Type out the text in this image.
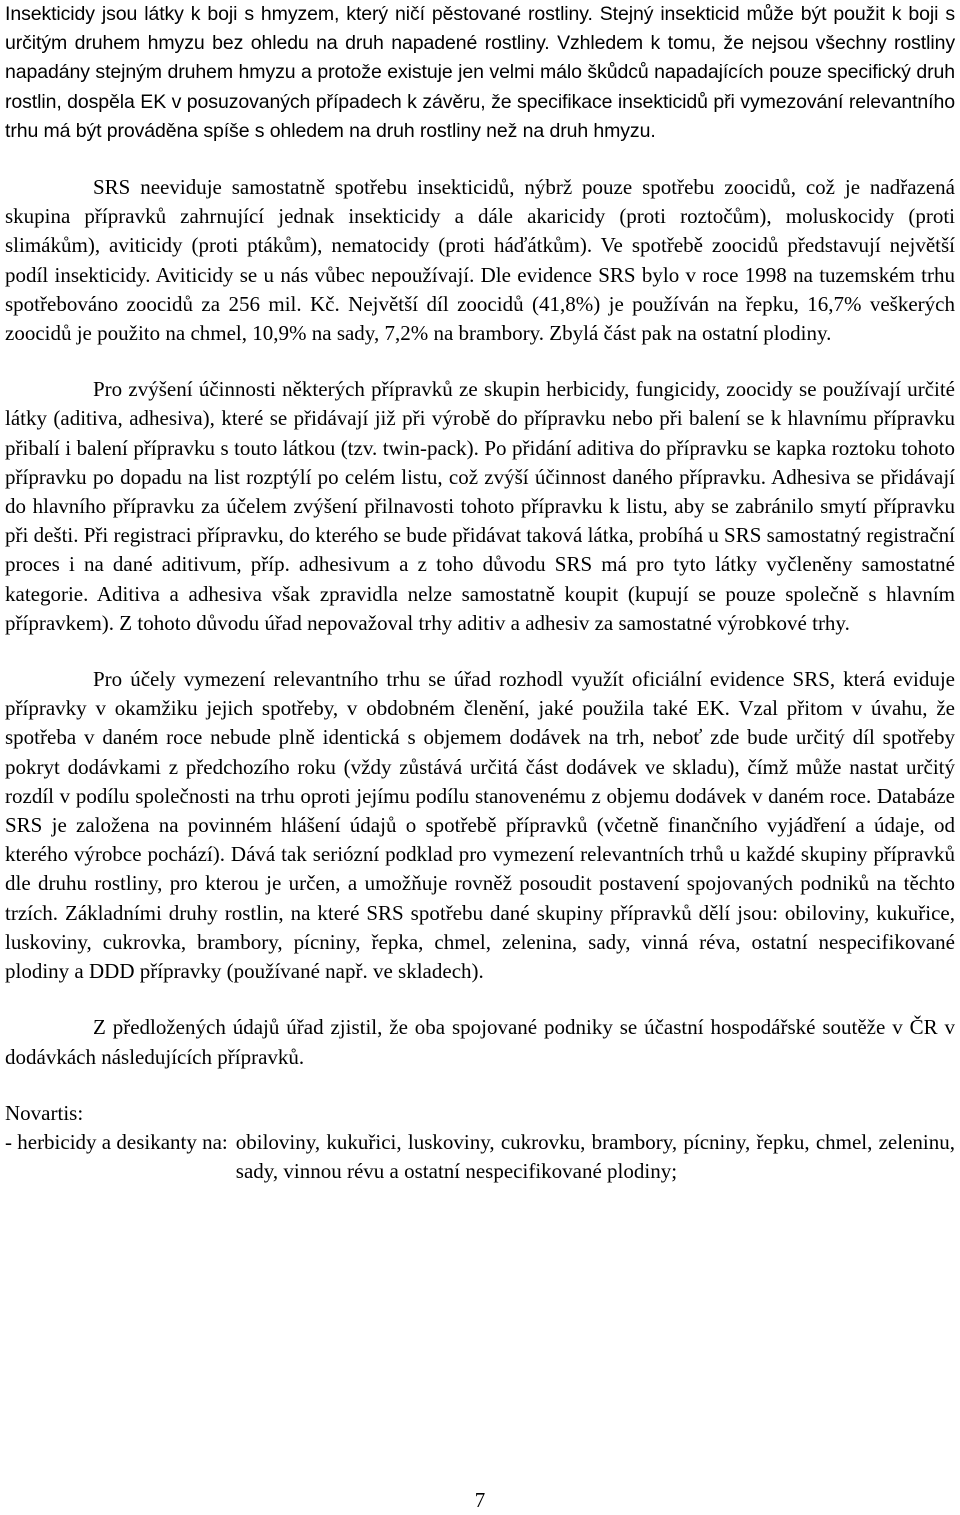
Insekticidy jsou látky k boji s hmyzem, který ničí pěstované rostliny. Stejný insekticid může být použit k boji s určitým druhem hmyzu bez ohledu na druh napadené rostliny. Vzhledem k tomu, že nejsou všechny rostliny napadány stejným druhem hmyzu a protože existuje jen velmi málo škůdců napadajících pouze specifický druh rostlin, dospěla EK v posuzovaných případech k závěru, že specifikace insekticidů při vymezování relevantního trhu má být prováděna spíše s ohledem na druh rostliny než na druh hmyzu.

SRS neeviduje samostatně spotřebu insekticidů, nýbrž pouze spotřebu zoocidů, což je nadřazená skupina přípravků zahrnující jednak insekticidy a dále akaricidy (proti roztočům), moluskocidy (proti slimákům), aviticidy (proti ptákům), nematocidy (proti háďátkům). Ve spotřebě zoocidů představují největší podíl insekticidy. Aviticidy se u nás vůbec nepoužívají. Dle evidence SRS bylo v roce 1998 na tuzemském trhu spotřebováno zoocidů za 256 mil. Kč. Největší díl zoocidů (41,8%) je používán na řepku, 16,7% veškerých zoocidů je použito na chmel, 10,9% na sady, 7,2% na brambory. Zbylá část pak na ostatní plodiny.

Pro zvýšení účinnosti některých přípravků ze skupin herbicidy, fungicidy, zoocidy se používají určité látky (aditiva, adhesiva), které se přidávají již při výrobě do přípravku nebo při balení se k hlavnímu přípravku přibalí i balení přípravku s touto látkou (tzv. twin-pack). Po přidání aditiva do přípravku se kapka roztoku tohoto přípravku po dopadu na list rozptýlí po celém listu, což zvýší účinnost daného přípravku. Adhesiva se přidávají do hlavního přípravku za účelem zvýšení přilnavosti tohoto přípravku k listu, aby se zabránilo smytí přípravku při dešti. Při registraci přípravku, do kterého se bude přidávat taková látka, probíhá u SRS samostatný registrační proces i na dané aditivum, příp. adhesivum a z toho důvodu SRS má pro tyto látky vyčleněny samostatné kategorie. Aditiva a adhesiva však zpravidla nelze samostatně koupit (kupují se pouze společně s hlavním přípravkem). Z tohoto důvodu úřad nepovažoval trhy aditiv a adhesiv za samostatné výrobkové trhy.

Pro účely vymezení relevantního trhu se úřad rozhodl využít oficiální evidence SRS, která eviduje přípravky v okamžiku jejich spotřeby, v obdobném členění, jaké použila také EK. Vzal přitom v úvahu, že spotřeba v daném roce nebude plně identická s objemem dodávek na trh, neboť zde bude určitý díl spotřeby pokryt dodávkami z předchozího roku (vždy zůstává určitá část dodávek ve skladu), čímž může nastat určitý rozdíl v podílu společnosti na trhu oproti jejímu podílu stanovenému z objemu dodávek v daném roce. Databáze SRS je založena na povinném hlášení údajů o spotřebě přípravků (včetně finančního vyjádření a údaje, od kterého výrobce pochází). Dává tak seriózní podklad pro vymezení relevantních trhů u každé skupiny přípravků dle druhu rostliny, pro kterou je určen, a umožňuje rovněž posoudit postavení spojovaných podniků na těchto trzích. Základními druhy rostlin, na které SRS spotřebu dané skupiny přípravků dělí jsou: obiloviny, kukuřice, luskoviny, cukrovka, brambory, pícniny, řepka, chmel, zelenina, sady, vinná réva, ostatní nespecifikované plodiny a DDD přípravky (používané např. ve skladech).

Z předložených údajů úřad zjistil, že oba spojované podniky se účastní hospodářské soutěže v ČR v dodávkách následujících přípravků.

Novartis:

- herbicidy a desikanty na: obiloviny, kukuřici, luskoviny, cukrovku, brambory, pícniny, řepku, chmel, zeleninu, sady, vinnou révu a ostatní nespecifikované plodiny;
7
